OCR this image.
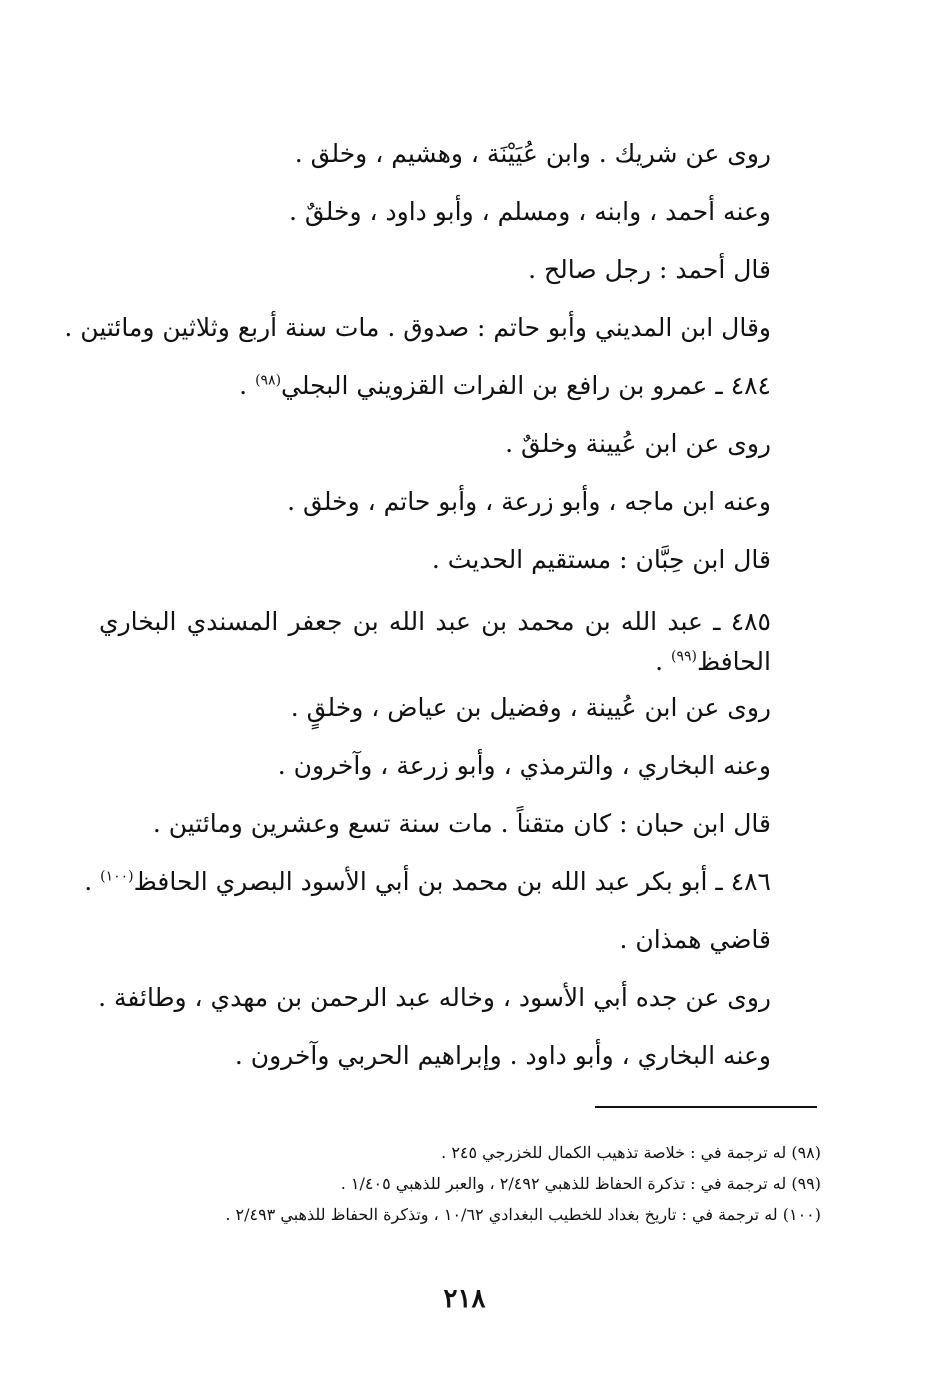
روى عن شريك . وابن عُيَيْنَة ، وهشيم ، وخلق .

وعنه أحمد ، وابنه ، ومسلم ، وأبو داود ، وخلقٌ .

قال أحمد : رجل صالح .

وقال ابن المديني وأبو حاتم : صدوق . مات سنة أربع وثلاثين ومائتين .

٤٨٤ ـ عمرو بن رافع بن الفرات القزويني البجلي$^{(٩٨)}$ .

روى عن ابن عُيينة وخلقٌ .

وعنه ابن ماجه ، وأبو زرعة ، وأبو حاتم ، وخلق .

قال ابن حِبَّان : مستقيم الحديث .

٤٨٥ ـ عبد الله بن محمد بن عبد الله بن جعفر المسندي البخاري الحافظ$^{(٩٩)}$ .

روى عن ابن عُيينة ، وفضيل بن عياض ، وخلقٍ .

وعنه البخاري ، والترمذي ، وأبو زرعة ، وآخرون .

قال ابن حبان : كان متقناً . مات سنة تسع وعشرين ومائتين .

٤٨٦ ـ أبو بكر عبد الله بن محمد بن أبي الأسود البصري الحافظ$^{(١٠٠)}$ .

قاضي همذان .

روى عن جده أبي الأسود ، وخاله عبد الرحمن بن مهدي ، وطائفة .

وعنه البخاري ، وأبو داود . وإبراهيم الحربي وآخرون .

(٩٨) له ترجمة في : خلاصة تذهيب الكمال للخزرجي ٢٤٥ .

(٩٩) له ترجمة في : تذكرة الحفاظ للذهبي ٢/٤٩٢ ، والعبر للذهبي ١/٤٠٥ .

(١٠٠) له ترجمة في : تاريخ بغداد للخطيب البغدادي ١٠/٦٢ ، وتذكرة الحفاظ للذهبي ٢/٤٩٣ .

٢١٨
